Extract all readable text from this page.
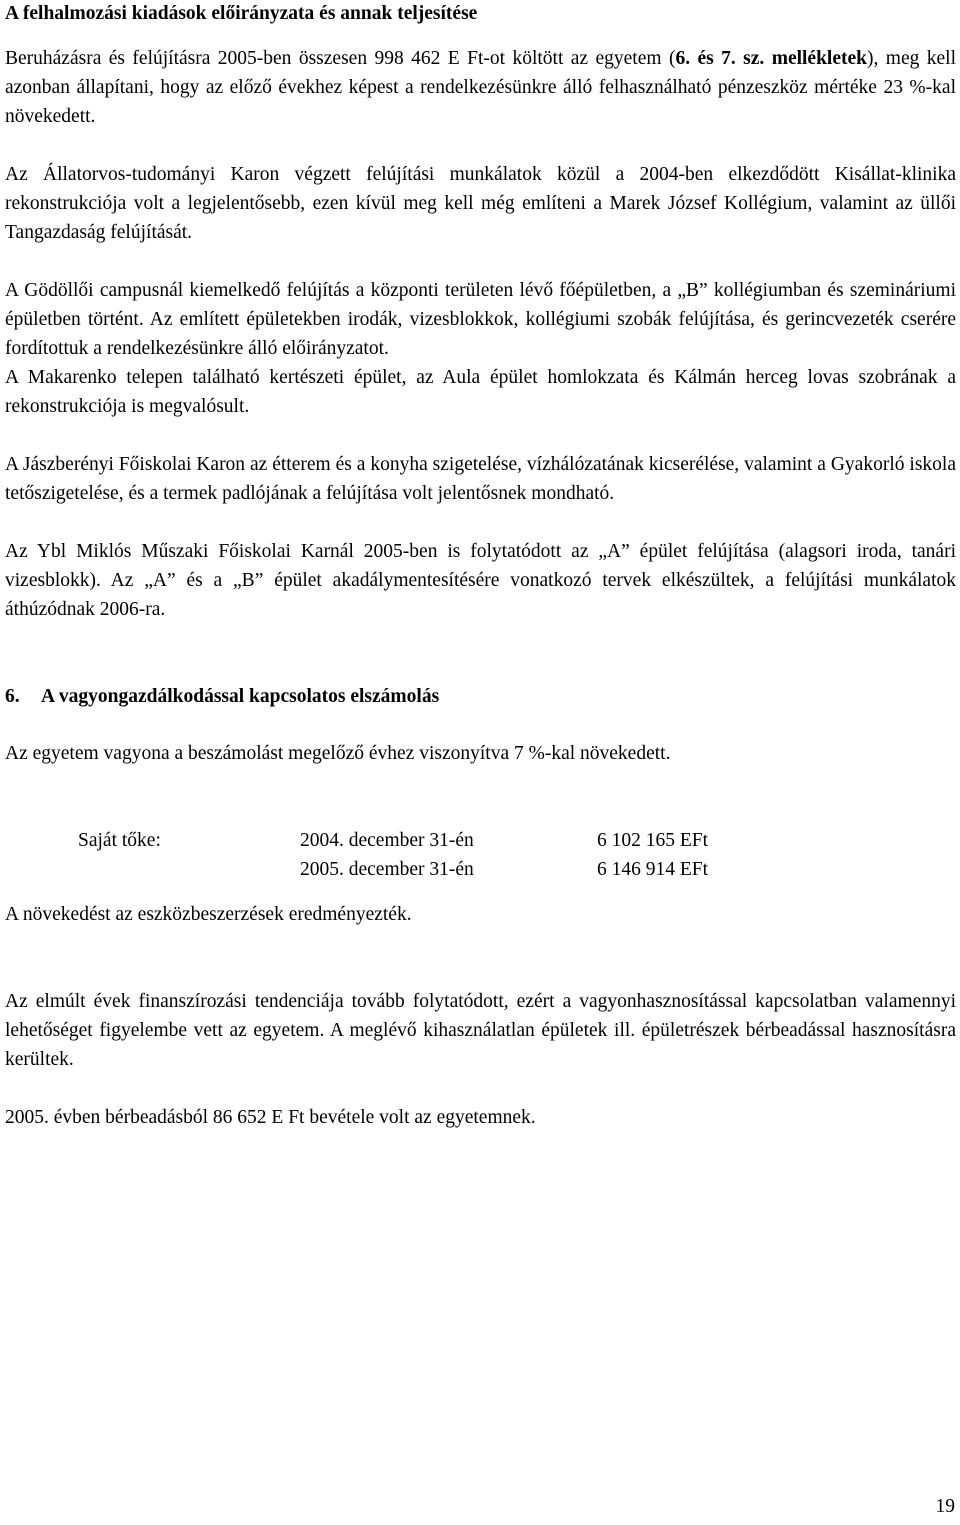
A felhalmozási kiadások előirányzata és annak teljesítése

Beruházásra és felújításra 2005-ben összesen 998 462 E Ft-ot költött az egyetem (6. és 7. sz. mellékletek), meg kell azonban állapítani, hogy az előző évekhez képest a rendelkezésünkre álló felhasználható pénzeszköz mértéke 23 %-kal növekedett.

Az Állatorvos-tudományi Karon végzett felújítási munkálatok közül a 2004-ben elkezdődött Kisállat-klinika rekonstrukciója volt a legjelentősebb, ezen kívül meg kell még említeni a Marek József Kollégium, valamint az üllői Tangazdaság felújítását.

A Gödöllői campusnál kiemelkedő felújítás a központi területen lévő főépületben, a „B” kollégiumban és szemináriumi épületben történt. Az említett épületekben irodák, vizesblokkok, kollégiumi szobák felújítása, és gerincvezeték cserére fordítottuk a rendelkezésünkre álló előirányzatot.

A Makarenko telepen található kertészeti épület, az Aula épület homlokzata és Kálmán herceg lovas szobrának a rekonstrukciója is megvalósult.

A Jászberényi Főiskolai Karon az étterem és a konyha szigetelése, vízhálózatának kicserélése, valamint a Gyakorló iskola tetőszigetelése, és a termek padlójának a felújítása volt jelentősnek mondható.

Az Ybl Miklós Műszaki Főiskolai Karnál 2005-ben is folytatódott az „A” épület felújítása (alagsori iroda, tanári vizesblokk). Az „A” és a „B” épület akadálymentesítésére vonatkozó tervek elkészültek, a felújítási munkálatok áthúzódnak 2006-ra.

6. A vagyongazdálkodással kapcsolatos elszámolás

Az egyetem vagyona a beszámolást megelőző évhez viszonyítva 7 %-kal növekedett.

Saját tőke:	2004. december 31-én	6 102 165 EFt
	2005. december 31-én	6 146 914 EFt

A növekedést az eszközbeszerzések eredményezték.

Az elmúlt évek finanszírozási tendenciája tovább folytatódott, ezért a vagyonhasznosítással kapcsolatban valamennyi lehetőséget figyelembe vett az egyetem. A meglévő kihasználatlan épületek ill. épületrészek bérbeadással hasznosításra kerültek.

2005. évben bérbeadásból 86 652 E Ft bevétele volt az egyetemnek.

19
